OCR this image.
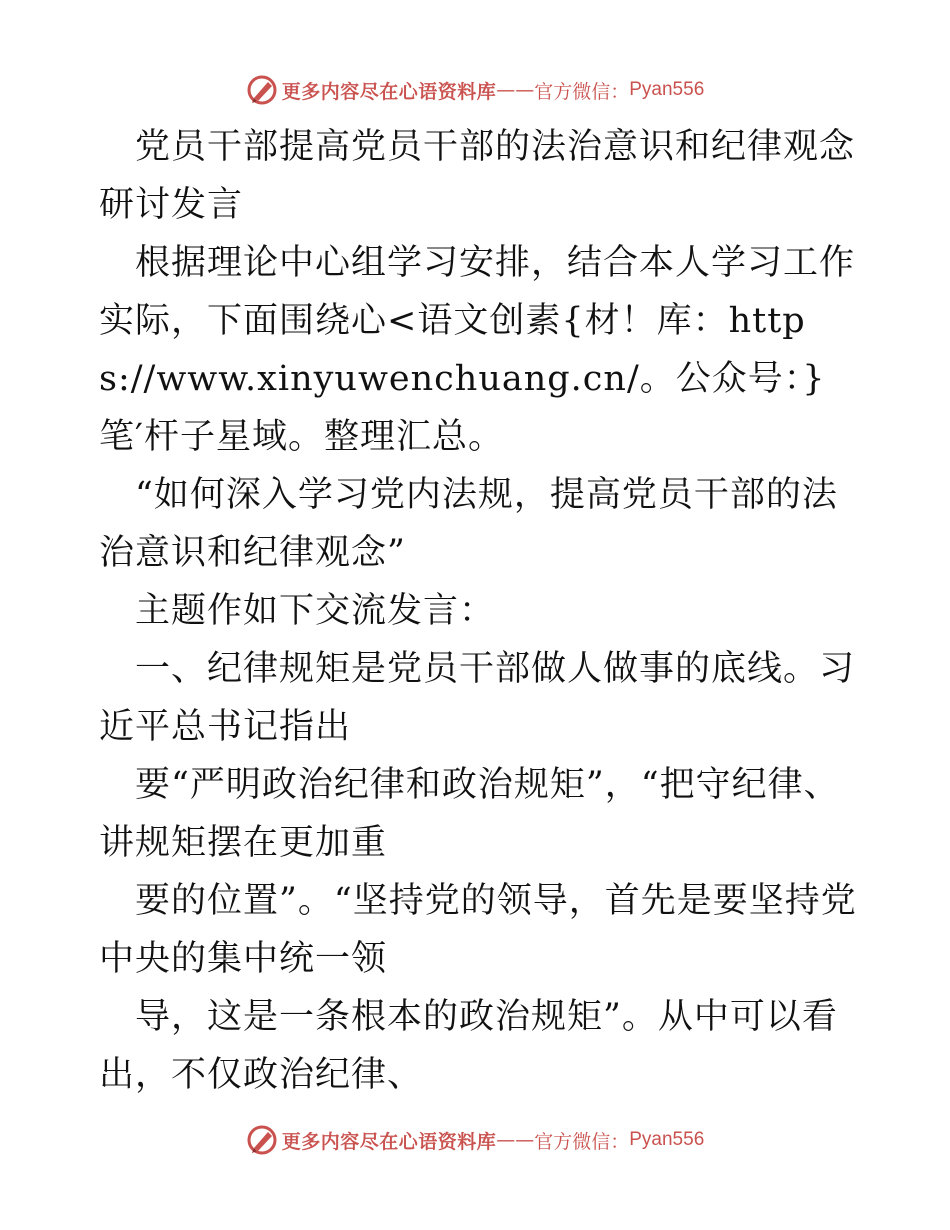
更多内容尽在心语资料库 —— 官方微信： Pyan556

党员干部提高党员干部的法治意识和纪律观念研讨发言

根据理论中心组学习安排，结合本人学习工作实际，下面围绕心<语文创素{材！库：https://www.xinyuwenchuang.cn/。公众号：}笔′杆子星域。整理汇总。

“如何深入学习党内法规，提高党员干部的法治意识和纪律观念”

主题作如下交流发言：

一、纪律规矩是党员干部做人做事的底线。习近平总书记指出

要“严明政治纪律和政治规矩”，“把守纪律、讲规矩摆在更加重

要的位置”。“坚持党的领导，首先是要坚持党中央的集中统一领

导，这是一条根本的政治规矩”。从中可以看出，不仅政治纪律、

更多内容尽在心语资料库 —— 官方微信： Pyan556
